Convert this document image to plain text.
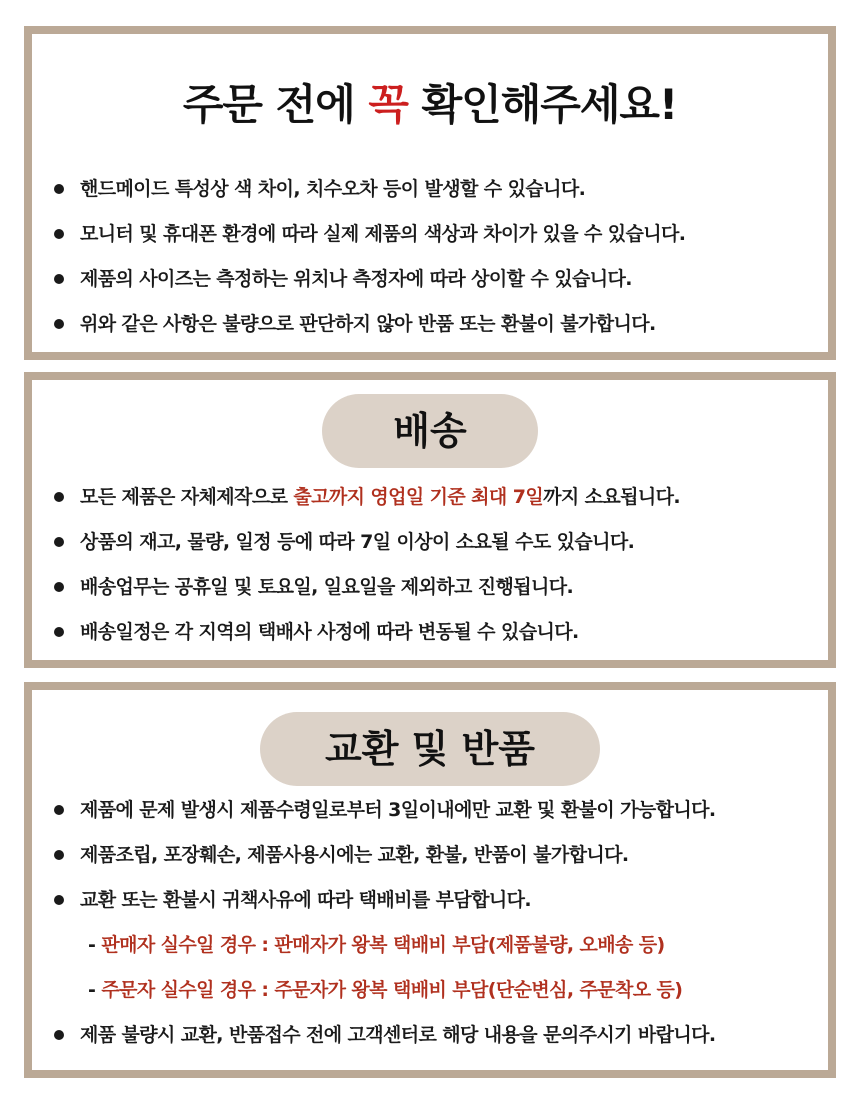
주문 전에 꼭 확인해주세요!
핸드메이드 특성상 색 차이, 치수오차 등이 발생할 수 있습니다.
모니터 및 휴대폰 환경에 따라 실제 제품의 색상과 차이가 있을 수 있습니다.
제품의 사이즈는 측정하는 위치나 측정자에 따라 상이할 수 있습니다.
위와 같은 사항은 불량으로 판단하지 않아 반품 또는 환불이 불가합니다.
배송
모든 제품은 자체제작으로 출고까지 영업일 기준 최대 7일까지 소요됩니다.
상품의 재고, 물량, 일정 등에 따라 7일 이상이 소요될 수도 있습니다.
배송업무는 공휴일 및 토요일, 일요일을 제외하고 진행됩니다.
배송일정은 각 지역의 택배사 사정에 따라 변동될 수 있습니다.
교환 및 반품
제품에 문제 발생시 제품수령일로부터 3일이내에만 교환 및 환불이 가능합니다.
제품조립, 포장훼손, 제품사용시에는 교환, 환불, 반품이 불가합니다.
교환 또는 환불시 귀책사유에 따라 택배비를 부담합니다.
- 판매자 실수일 경우 : 판매자가 왕복 택배비 부담(제품불량, 오배송 등)
- 주문자 실수일 경우 : 주문자가 왕복 택배비 부담(단순변심, 주문착오 등)
제품 불량시 교환, 반품접수 전에 고객센터로 해당 내용을 문의주시기 바랍니다.
